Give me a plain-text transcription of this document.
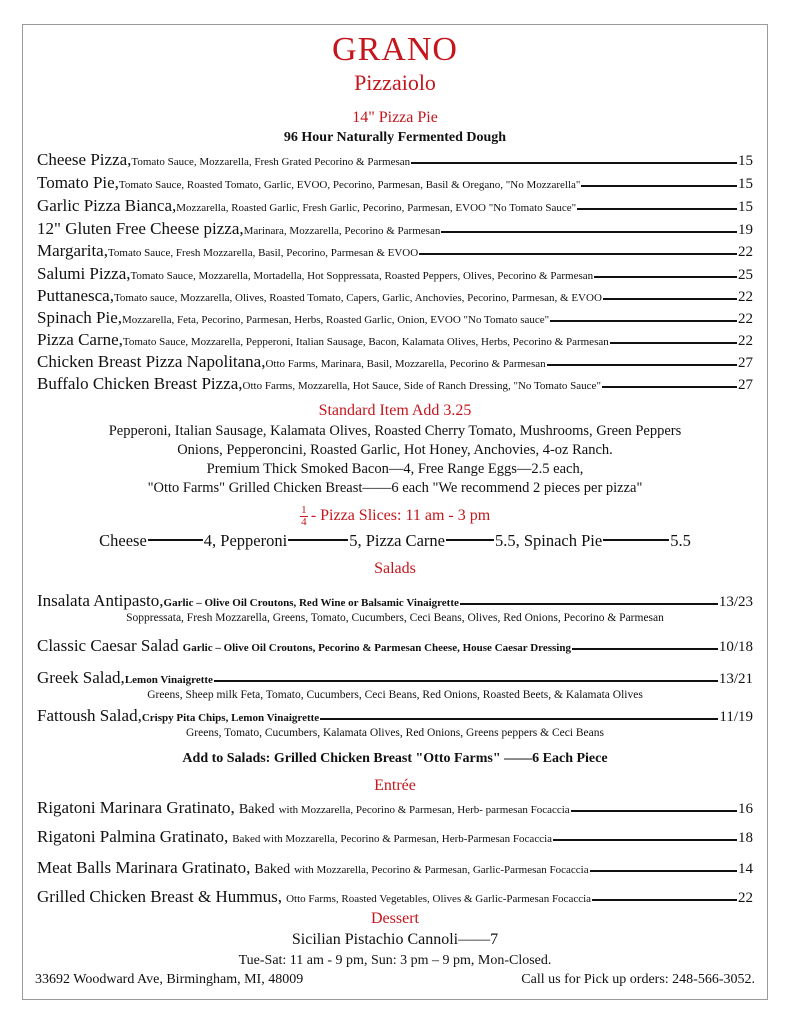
GRANO
Pizzaiolo
14" Pizza Pie
96 Hour Naturally Fermented Dough
Cheese Pizza, Tomato Sauce, Mozzarella, Fresh Grated Pecorino & Parmesan	15
Tomato Pie, Tomato Sauce, Roasted Tomato, Garlic, EVOO, Pecorino, Parmesan, Basil & Oregano, "No Mozzarella"	15
Garlic Pizza Bianca, Mozzarella, Roasted Garlic, Fresh Garlic, Pecorino, Parmesan, EVOO "No Tomato Sauce"	15
12" Gluten Free Cheese pizza, Marinara, Mozzarella, Pecorino & Parmesan	19
Margarita, Tomato Sauce, Fresh Mozzarella, Basil, Pecorino, Parmesan & EVOO	22
Salumi Pizza, Tomato Sauce, Mozzarella, Mortadella, Hot Soppressata, Roasted Peppers, Olives, Pecorino & Parmesan	25
Puttanesca, Tomato sauce, Mozzarella, Olives, Roasted Tomato, Capers, Garlic, Anchovies, Pecorino, Parmesan, & EVOO	22
Spinach Pie, Mozzarella, Feta, Pecorino, Parmesan, Herbs, Roasted Garlic, Onion, EVOO "No Tomato sauce"	22
Pizza Carne, Tomato Sauce, Mozzarella, Pepperoni, Italian Sausage, Bacon, Kalamata Olives, Herbs, Pecorino & Parmesan	22
Chicken Breast Pizza Napolitana, Otto Farms, Marinara, Basil, Mozzarella, Pecorino & Parmesan	27
Buffalo Chicken Breast Pizza, Otto Farms, Mozzarella, Hot Sauce, Side of Ranch Dressing, "No Tomato Sauce"	27
Standard Item Add 3.25
Pepperoni, Italian Sausage, Kalamata Olives, Roasted Cherry Tomato, Mushrooms, Green Peppers
Onions, Pepperoncini, Roasted Garlic, Hot Honey, Anchovies, 4-oz Ranch.
Premium Thick Smoked Bacon—4, Free Range Eggs—2.5 each,
"Otto Farms" Grilled Chicken Breast——6 each "We recommend 2 pieces per pizza"
$\frac{1}{4}$ - Pizza Slices: 11 am - 3 pm
Cheese	4,
Pepperoni	5,
Pizza Carne	5.5,
Spinach Pie	5.5
Salads
Insalata Antipasto, Garlic – Olive Oil Croutons, Red Wine or Balsamic Vinaigrette	13/23
Soppressata, Fresh Mozzarella, Greens, Tomato, Cucumbers, Ceci Beans, Olives, Red Onions, Pecorino & Parmesan
Classic Caesar Salad Garlic – Olive Oil Croutons, Pecorino & Parmesan Cheese, House Caesar Dressing	10/18
Greek Salad, Lemon Vinaigrette	13/21
Greens, Sheep milk Feta, Tomato, Cucumbers, Ceci Beans, Red Onions, Roasted Beets, & Kalamata Olives
Fattoush Salad, Crispy Pita Chips, Lemon Vinaigrette	11/19
Greens, Tomato, Cucumbers, Kalamata Olives, Red Onions, Greens peppers & Ceci Beans
Add to Salads: Grilled Chicken Breast "Otto Farms" ——6 Each Piece
Entrée
Rigatoni Marinara Gratinato, Baked with Mozzarella, Pecorino & Parmesan, Herb- parmesan Focaccia	16
Rigatoni Palmina Gratinato, Baked with Mozzarella, Pecorino & Parmesan, Herb-Parmesan Focaccia	18
Meat Balls Marinara Gratinato, Baked with Mozzarella, Pecorino & Parmesan, Garlic-Parmesan Focaccia	14
Grilled Chicken Breast & Hummus, Otto Farms, Roasted Vegetables, Olives & Garlic-Parmesan Focaccia	22
Dessert
Sicilian Pistachio Cannoli——7
Tue-Sat: 11 am - 9 pm, Sun: 3 pm – 9 pm, Mon-Closed.
33692 Woodward Ave, Birmingham, MI, 48009	Call us for Pick up orders: 248-566-3052.
